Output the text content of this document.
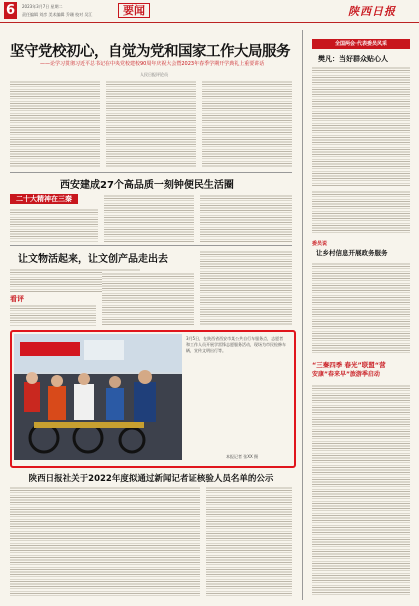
6	2023年3月7日 星期二
责任编辑 刘彦 美术编辑 乔珊 校对 吴江	要闻	陕西日报
坚守党校初心，自觉为党和国家工作大局服务
——论学习贯彻习近平总书记在中央党校建校90周年庆祝大会暨2023年春季学期开学典礼上重要讲话
人民日报评论员
西安建成27个高品质一刻钟便民生活圈
二十大精神在三秦
让文物活起来，让文创产品走出去
看评
3月5日，在陕西省西安市某公共自行车服务点，志愿者和工作人员开展学雷锋志愿服务活动，现场为市民检修车辆，宣传文明出行等。
本报记者 张XX 摄
陕西日报社关于2022年度拟通过新闻记者证核验人员名单的公示
全国两会·代表委员风采
樊凡：当好群众贴心人
委员说
让乡村信息开展政务服务
“三秦四季 春光”联盟“营
安康”春来早”旅游季启动
